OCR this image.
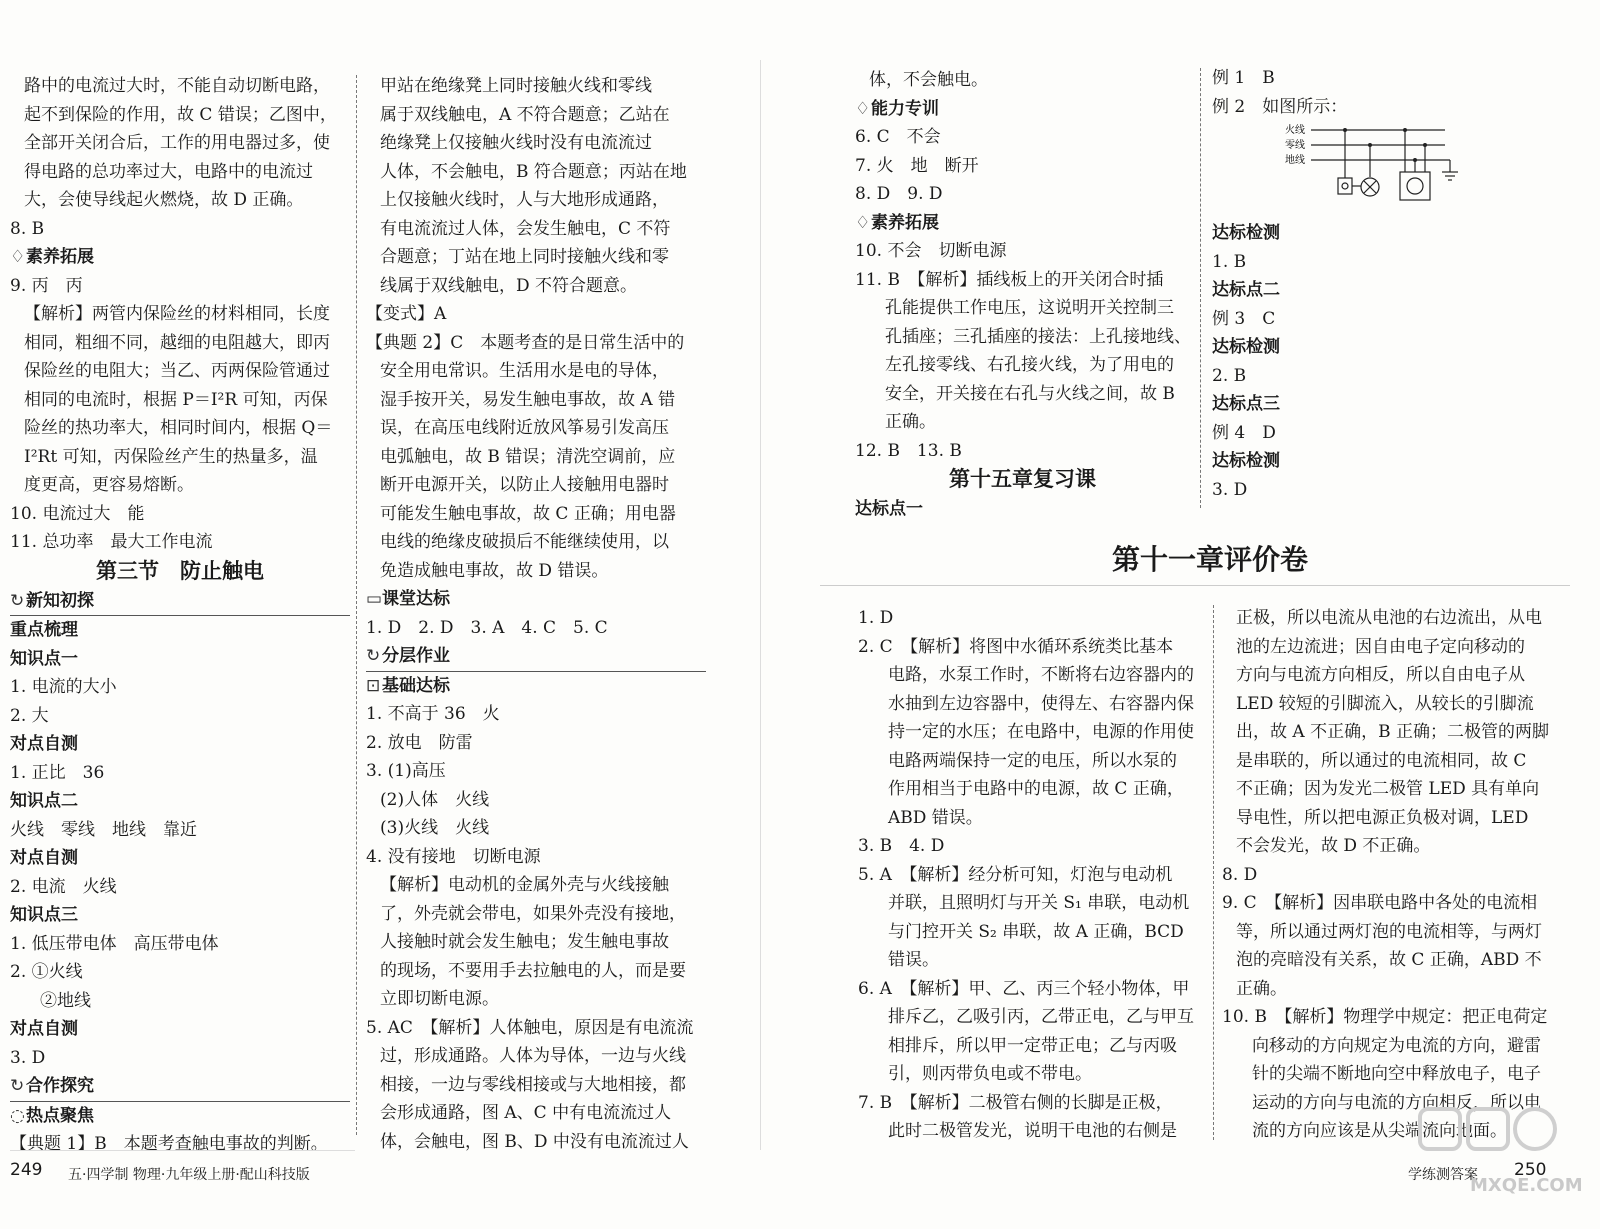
路中的电流过大时，不能自动切断电路，
起不到保险的作用，故 C 错误；乙图中，
全部开关闭合后，工作的用电器过多，使
得电路的总功率过大，电路中的电流过
大，会使导线起火燃烧，故 D 正确。
8. B
♢素养拓展
9. 丙　丙
【解析】两管内保险丝的材料相同，长度
相同，粗细不同，越细的电阻越大，即丙
保险丝的电阻大；当乙、丙两保险管通过
相同的电流时，根据 P＝I²R 可知，丙保
险丝的热功率大，相同时间内，根据 Q＝
I²Rt 可知，丙保险丝产生的热量多，温
度更高，更容易熔断。
10. 电流过大　能
11. 总功率　最大工作电流
第三节　防止触电
↻ 新知初探
重点梳理
知识点一
1. 电流的大小
2. 大
对点自测
1. 正比　36
知识点二
火线　零线　地线　靠近
对点自测
2. 电流　火线
知识点三
1. 低压带电体　高压带电体
2. ①火线
②地线
对点自测
3. D
↻ 合作探究
◌热点聚焦
【典题 1】B　本题考查触电事故的判断。
甲站在绝缘凳上同时接触火线和零线
属于双线触电，A 不符合题意；乙站在
绝缘凳上仅接触火线时没有电流流过
人体，不会触电，B 符合题意；丙站在地
上仅接触火线时，人与大地形成通路，
有电流流过人体，会发生触电，C 不符
合题意；丁站在地上同时接触火线和零
线属于双线触电，D 不符合题意。
【变式】A
【典题 2】C　本题考查的是日常生活中的
安全用电常识。生活用水是电的导体，
湿手按开关，易发生触电事故，故 A 错
误，在高压电线附近放风筝易引发高压
电弧触电，故 B 错误；清洗空调前，应
断开电源开关，以防止人接触用电器时
可能发生触电事故，故 C 正确；用电器
电线的绝缘皮破损后不能继续使用，以
免造成触电事故，故 D 错误。
▭课堂达标
1. D　2. D　3. A　4. C　5. C
↻ 分层作业
⊡ 基础达标
1. 不高于 36　火
2. 放电　防雷
3. (1)高压
(2)人体　火线
(3)火线　火线
4. 没有接地　切断电源
【解析】电动机的金属外壳与火线接触
了，外壳就会带电，如果外壳没有接地，
人接触时就会发生触电；发生触电事故
的现场，不要用手去拉触电的人，而是要
立即切断电源。
5. AC　【解析】人体触电，原因是有电流流
过，形成通路。人体为导体，一边与火线
相接，一边与零线相接或与大地相接，都
会形成通路，图 A、C 中有电流流过人
体，会触电，图 B、D 中没有电流流过人
体，不会触电。
♢能力专训
6. C　不会
7. 火　地　断开
8. D　9. D
♢素养拓展
10. 不会　切断电源
11. B　【解析】插线板上的开关闭合时插
孔能提供工作电压，这说明开关控制三
孔插座；三孔插座的接法：上孔接地线、
左孔接零线、右孔接火线，为了用电的
安全，开关接在右孔与火线之间，故 B
正确。
12. B　13. B
第十五章复习课
达标点一
例 1　B
例 2　如图所示：
达标检测
1. B
达标点二
例 3　C
达标检测
2. B
达标点三
例 4　D
达标检测
3. D
火线
零线
地线
第十一章评价卷
1. D
2. C　【解析】将图中水循环系统类比基本
电路，水泵工作时，不断将右边容器内的
水抽到左边容器中，使得左、右容器内保
持一定的水压；在电路中，电源的作用使
电路两端保持一定的电压，所以水泵的
作用相当于电路中的电源，故 C 正确，
ABD 错误。
3. B　4. D
5. A　【解析】经分析可知，灯泡与电动机
并联，且照明灯与开关 S₁ 串联，电动机
与门控开关 S₂ 串联，故 A 正确，BCD
错误。
6. A　【解析】甲、乙、丙三个轻小物体，甲
排斥乙，乙吸引丙，乙带正电，乙与甲互
相排斥，所以甲一定带正电；乙与丙吸
引，则丙带负电或不带电。
7. B　【解析】二极管右侧的长脚是正极，
此时二极管发光，说明干电池的右侧是
正极，所以电流从电池的右边流出，从电
池的左边流进；因自由电子定向移动的
方向与电流方向相反，所以自由电子从
LED 较短的引脚流入，从较长的引脚流
出，故 A 不正确，B 正确；二极管的两脚
是串联的，所以通过的电流相同，故 C
不正确；因为发光二极管 LED 具有单向
导电性，所以把电源正负极对调，LED
不会发光，故 D 不正确。
8. D
9. C　【解析】因串联电路中各处的电流相
等，所以通过两灯泡的电流相等，与两灯
泡的亮暗没有关系，故 C 正确，ABD 不
正确。
10. B　【解析】物理学中规定：把正电荷定
向移动的方向规定为电流的方向，避雷
针的尖端不断地向空中释放电子，电子
运动的方向与电流的方向相反，所以电
流的方向应该是从尖端流向地面。
249 五·四学制 物理·九年级上册·配山科技版	学练测答案 250
MXQE.COM
